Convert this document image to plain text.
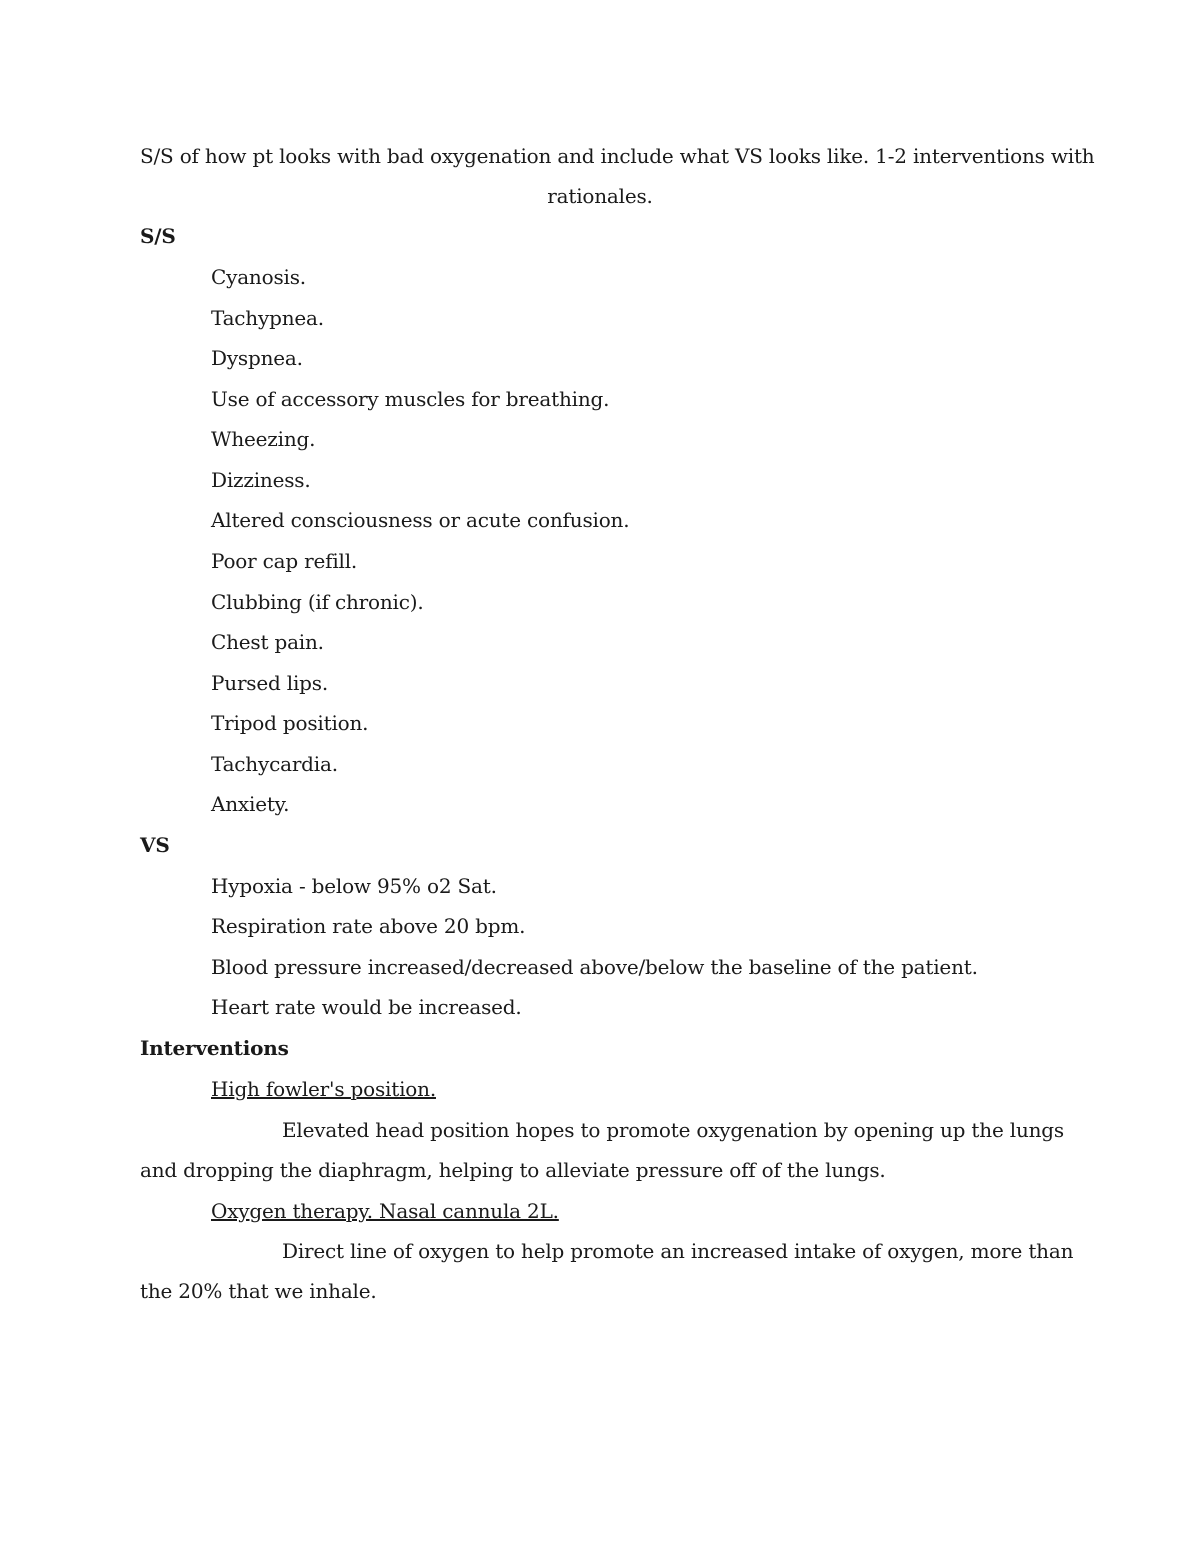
S/S of how pt looks with bad oxygenation and include what VS looks like. 1-2 interventions with
rationales.
S/S
Cyanosis.
Tachypnea.
Dyspnea.
Use of accessory muscles for breathing.
Wheezing.
Dizziness.
Altered consciousness or acute confusion.
Poor cap refill.
Clubbing (if chronic).
Chest pain.
Pursed lips.
Tripod position.
Tachycardia.
Anxiety.
VS
Hypoxia - below 95% o2 Sat.
Respiration rate above 20 bpm.
Blood pressure increased/decreased above/below the baseline of the patient.
Heart rate would be increased.
Interventions
High fowler's position.
Elevated head position hopes to promote oxygenation by opening up the lungs
and dropping the diaphragm, helping to alleviate pressure off of the lungs.
Oxygen therapy. Nasal cannula 2L.
Direct line of oxygen to help promote an increased intake of oxygen, more than
the 20% that we inhale.
